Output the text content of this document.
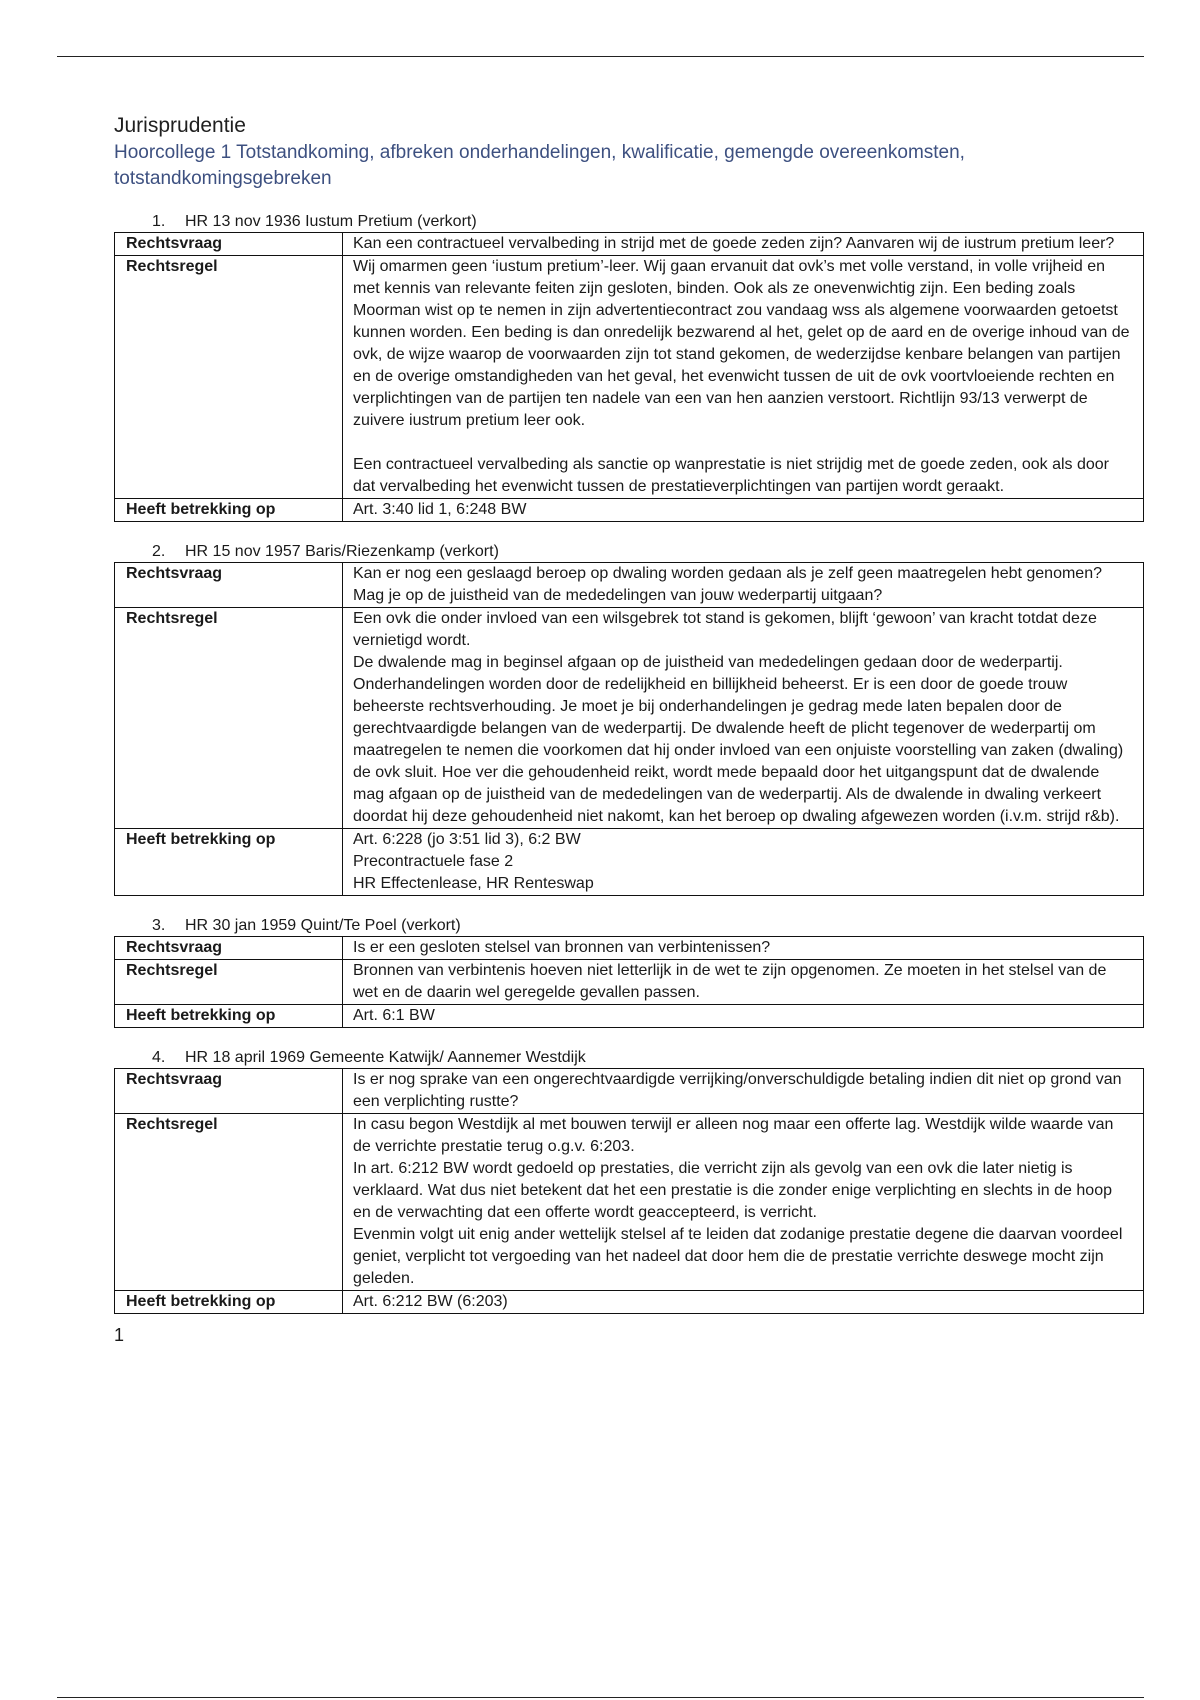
Jurisprudentie
Hoorcollege 1 Totstandkoming, afbreken onderhandelingen, kwalificatie, gemengde overeenkomsten, totstandkomingsgebreken
1. HR 13 nov 1936 Iustum Pretium (verkort)
Rechtsvraag	Kan een contractueel vervalbeding in strijd met de goede zeden zijn? Aanvaren wij de iustrum pretium leer?

Rechtsregel	Wij omarmen geen ‘iustum pretium’-leer. Wij gaan ervanuit dat ovk’s met volle verstand, in volle vrijheid en met kennis van relevante feiten zijn gesloten, binden. Ook als ze onevenwichtig zijn. Een beding zoals Moorman wist op te nemen in zijn advertentiecontract zou vandaag wss als algemene voorwaarden getoetst kunnen worden. Een beding is dan onredelijk bezwarend al het, gelet op de aard en de overige inhoud van de ovk, de wijze waarop de voorwaarden zijn tot stand gekomen, de wederzijdse kenbare belangen van partijen en de overige omstandigheden van het geval, het evenwicht tussen de uit de ovk voortvloeiende rechten en verplichtingen van de partijen ten nadele van een van hen aanzien verstoort. Richtlijn 93/13 verwerpt de zuivere iustrum pretium leer ook.
Een contractueel vervalbeding als sanctie op wanprestatie is niet strijdig met de goede zeden, ook als door dat vervalbeding het evenwicht tussen de prestatieverplichtingen van partijen wordt geraakt.

Heeft betrekking op	Art. 3:40 lid 1, 6:248 BW
2. HR 15 nov 1957 Baris/Riezenkamp (verkort)
Rechtsvraag	Kan er nog een geslaagd beroep op dwaling worden gedaan als je zelf geen maatregelen hebt genomen?
Mag je op de juistheid van de mededelingen van jouw wederpartij uitgaan?

Rechtsregel	Een ovk die onder invloed van een wilsgebrek tot stand is gekomen, blijft ‘gewoon’ van kracht totdat deze vernietigd wordt.
De dwalende mag in beginsel afgaan op de juistheid van mededelingen gedaan door de wederpartij.
Onderhandelingen worden door de redelijkheid en billijkheid beheerst. Er is een door de goede trouw beheerste rechtsverhouding. Je moet je bij onderhandelingen je gedrag mede laten bepalen door de gerechtvaardigde belangen van de wederpartij. De dwalende heeft de plicht tegenover de wederpartij om maatregelen te nemen die voorkomen dat hij onder invloed van een onjuiste voorstelling van zaken (dwaling) de ovk sluit. Hoe ver die gehoudenheid reikt, wordt mede bepaald door het uitgangspunt dat de dwalende mag afgaan op de juistheid van de mededelingen van de wederpartij. Als de dwalende in dwaling verkeert doordat hij deze gehoudenheid niet nakomt, kan het beroep op dwaling afgewezen worden (i.v.m. strijd r&b).

Heeft betrekking op	Art. 6:228 (jo 3:51 lid 3), 6:2 BW
Precontractuele fase 2
HR Effectenlease, HR Renteswap
3. HR 30 jan 1959 Quint/Te Poel (verkort)
Rechtsvraag	Is er een gesloten stelsel van bronnen van verbintenissen?

Rechtsregel	Bronnen van verbintenis hoeven niet letterlijk in de wet te zijn opgenomen. Ze moeten in het stelsel van de wet en de daarin wel geregelde gevallen passen.

Heeft betrekking op	Art. 6:1 BW
4. HR 18 april 1969 Gemeente Katwijk/ Aannemer Westdijk
Rechtsvraag	Is er nog sprake van een ongerechtvaardigde verrijking/onverschuldigde betaling indien dit niet op grond van een verplichting rustte?

Rechtsregel	In casu begon Westdijk al met bouwen terwijl er alleen nog maar een offerte lag. Westdijk wilde waarde van de verrichte prestatie terug o.g.v. 6:203.
In art. 6:212 BW wordt gedoeld op prestaties, die verricht zijn als gevolg van een ovk die later nietig is verklaard. Wat dus niet betekent dat het een prestatie is die zonder enige verplichting en slechts in de hoop en de verwachting dat een offerte wordt geaccepteerd, is verricht.
Evenmin volgt uit enig ander wettelijk stelsel af te leiden dat zodanige prestatie degene die daarvan voordeel geniet, verplicht tot vergoeding van het nadeel dat door hem die de prestatie verrichte deswege mocht zijn geleden.

Heeft betrekking op	Art. 6:212 BW (6:203)
1
